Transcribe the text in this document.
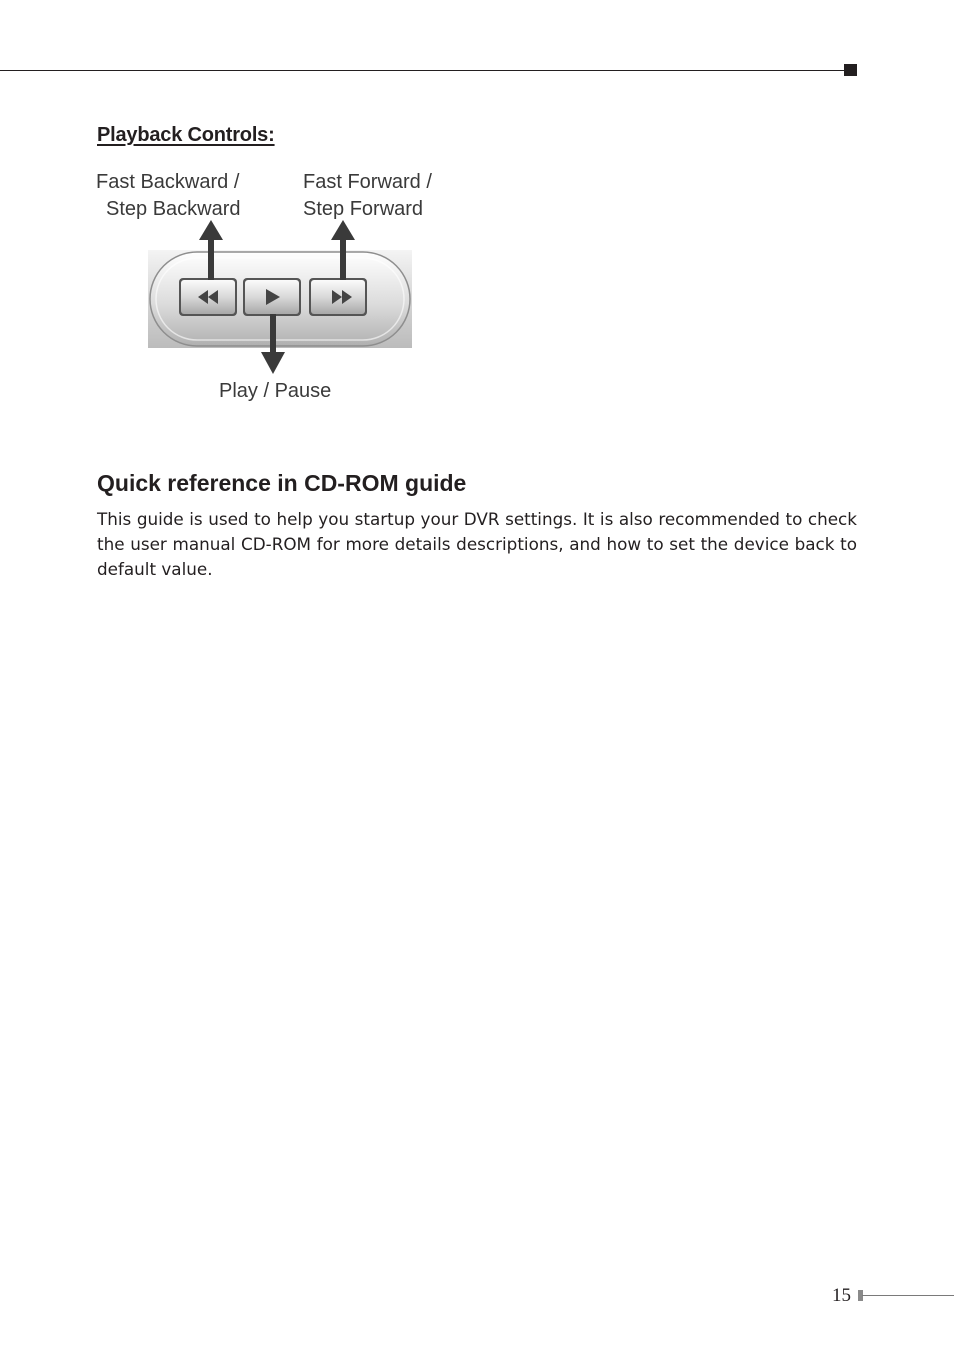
Playback Controls:
Fast Backward /
Step Backward
Fast Forward /
Step Forward
Play / Pause
Quick reference in CD-ROM guide

This guide is used to help you startup your DVR settings. It is also recommended to check the user manual CD-ROM for more details descriptions, and how to set the device back to default value.

15
